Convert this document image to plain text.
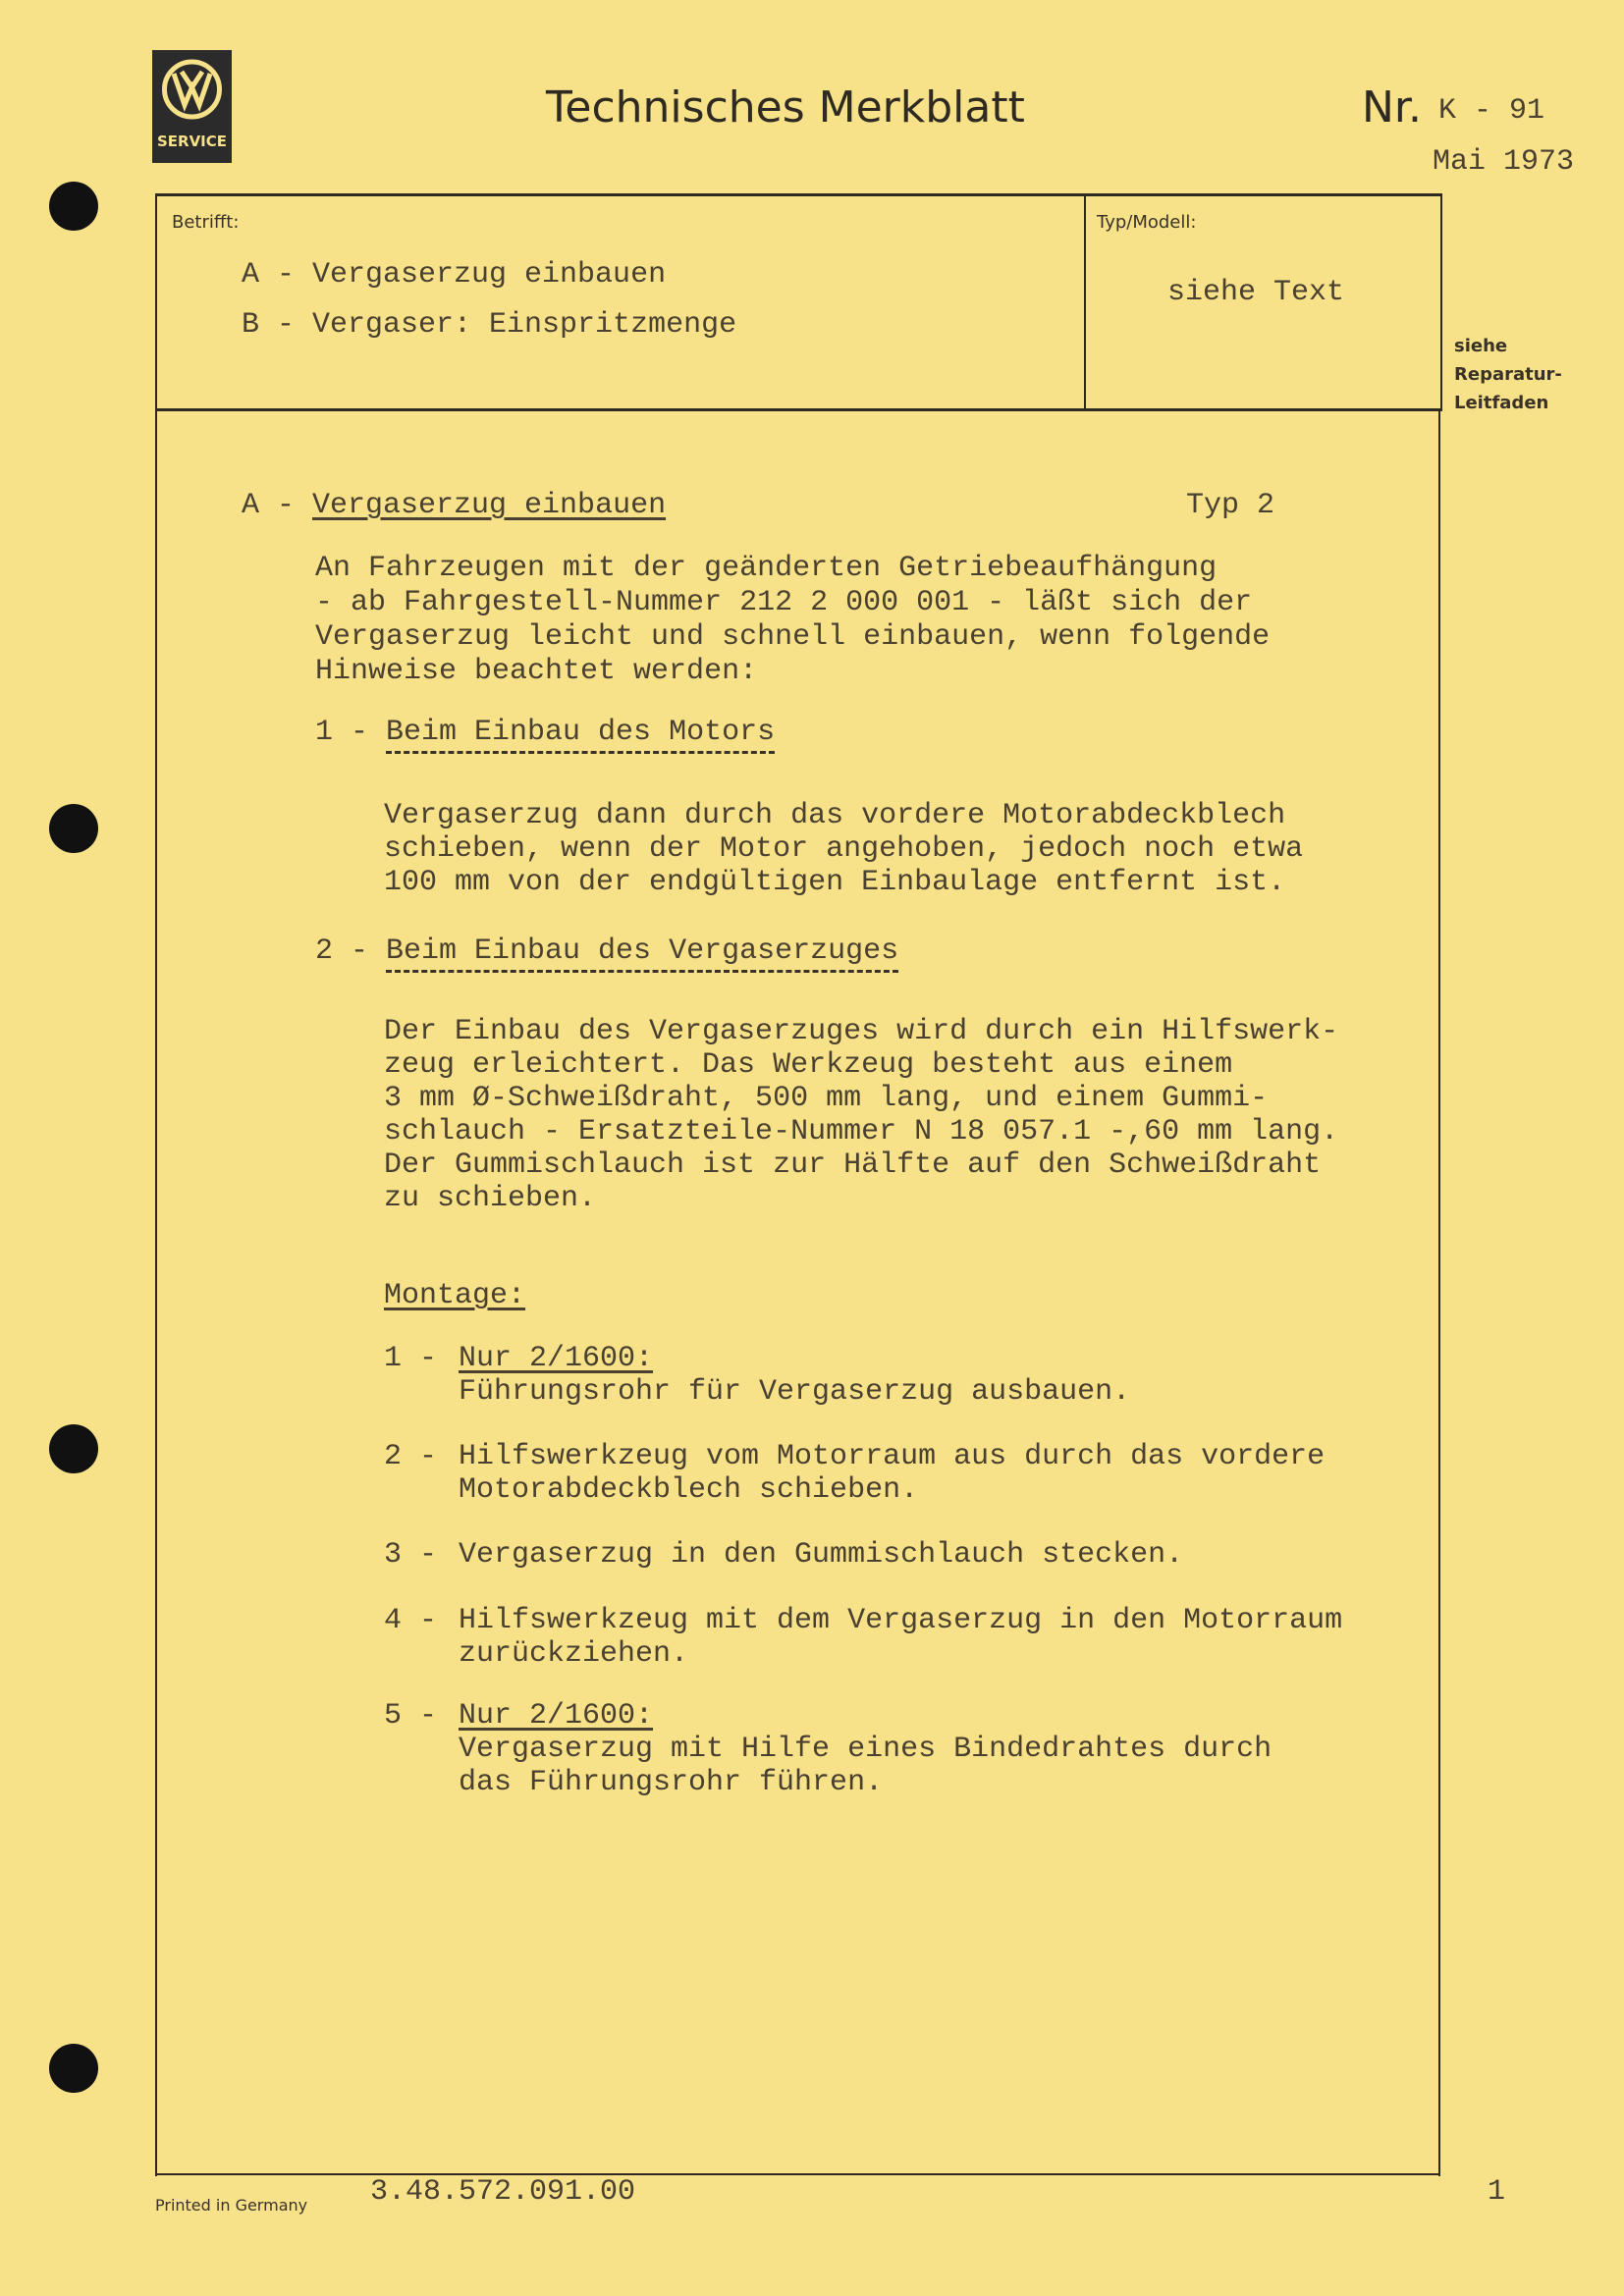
SERVICE
Technisches Merkblatt	Nr. K - 91
Mai 1973
Betrifft:
A - Vergaserzug einbauen
B - Vergaser: Einspritzmenge
Typ/Modell:
siehe Text
siehe
Reparatur-
Leitfaden
A - Vergaserzug einbauen	Typ 2
An Fahrzeugen mit der geänderten Getriebeaufhängung
- ab Fahrgestell-Nummer 212 2 000 001 - läßt sich der
Vergaserzug leicht und schnell einbauen, wenn folgende
Hinweise beachtet werden:
1 - Beim Einbau des Motors
Vergaserzug dann durch das vordere Motorabdeckblech
schieben, wenn der Motor angehoben, jedoch noch etwa
100 mm von der endgültigen Einbaulage entfernt ist.
2 - Beim Einbau des Vergaserzuges
Der Einbau des Vergaserzuges wird durch ein Hilfswerk-
zeug erleichtert. Das Werkzeug besteht aus einem
3 mm Ø-Schweißdraht, 500 mm lang, und einem Gummi-
schlauch - Ersatzteile-Nummer N 18 057.1 -,60 mm lang.
Der Gummischlauch ist zur Hälfte auf den Schweißdraht
zu schieben.
Montage:
1 - Nur 2/1600:
Führungsrohr für Vergaserzug ausbauen.
2 - Hilfswerkzeug vom Motorraum aus durch das vordere
Motorabdeckblech schieben.
3 - Vergaserzug in den Gummischlauch stecken.
4 - Hilfswerkzeug mit dem Vergaserzug in den Motorraum
zurückziehen.
5 - Nur 2/1600:
Vergaserzug mit Hilfe eines Bindedrahtes durch
das Führungsrohr führen.
Printed in Germany 3.48.572.091.00	1
